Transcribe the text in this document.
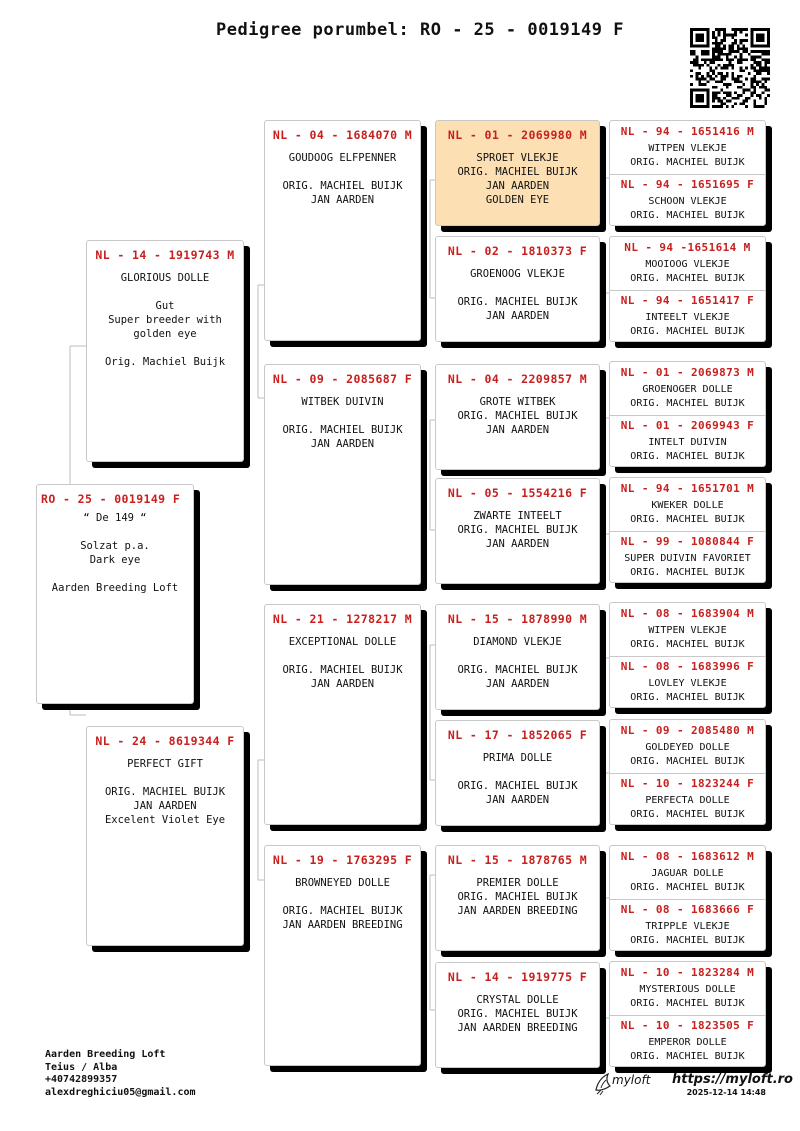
Pedigree porumbel: RO - 25 - 0019149 F
RO - 25 - 0019149 F
“ De 149 “
Solzat p.a.
Dark eye
Aarden Breeding Loft
NL - 14 - 1919743 M
GLORIOUS DOLLE
Gut
Super breeder with
golden eye
Orig. Machiel Buijk
NL - 24 - 8619344 F
PERFECT GIFT
ORIG. MACHIEL BUIJK
JAN AARDEN
Excelent Violet Eye
NL - 04 - 1684070 M
GOUDOOG ELFPENNER
ORIG. MACHIEL BUIJK
JAN AARDEN
NL - 09 - 2085687 F
WITBEK DUIVIN
ORIG. MACHIEL BUIJK
JAN AARDEN
NL - 21 - 1278217 M
EXCEPTIONAL DOLLE
ORIG. MACHIEL BUIJK
JAN AARDEN
NL - 19 - 1763295 F
BROWNEYED DOLLE
ORIG. MACHIEL BUIJK
JAN AARDEN BREEDING
NL - 01 - 2069980 M
SPROET VLEKJE
ORIG. MACHIEL BUIJK
JAN AARDEN
GOLDEN EYE
NL - 02 - 1810373 F
GROENOOG VLEKJE
ORIG. MACHIEL BUIJK
JAN AARDEN
NL - 04 - 2209857 M
GROTE WITBEK
ORIG. MACHIEL BUIJK
JAN AARDEN
NL - 05 - 1554216 F
ZWARTE INTEELT
ORIG. MACHIEL BUIJK
JAN AARDEN
NL - 15 - 1878990 M
DIAMOND VLEKJE
ORIG. MACHIEL BUIJK
JAN AARDEN
NL - 17 - 1852065 F
PRIMA DOLLE
ORIG. MACHIEL BUIJK
JAN AARDEN
NL - 15 - 1878765 M
PREMIER DOLLE
ORIG. MACHIEL BUIJK
JAN AARDEN BREEDING
NL - 14 - 1919775 F
CRYSTAL DOLLE
ORIG. MACHIEL BUIJK
JAN AARDEN BREEDING
NL - 94 - 1651416 M
WITPEN VLEKJE
ORIG. MACHIEL BUIJK
NL - 94 - 1651695 F
SCHOON VLEKJE
ORIG. MACHIEL BUIJK
NL - 94 -1651614 M
MOOIOOG VLEKJE
ORIG. MACHIEL BUIJK
NL - 94 - 1651417 F
INTEELT VLEKJE
ORIG. MACHIEL BUIJK
NL - 01 - 2069873 M
GROENOGER DOLLE
ORIG. MACHIEL BUIJK
NL - 01 - 2069943 F
INTELT DUIVIN
ORIG. MACHIEL BUIJK
NL - 94 - 1651701 M
KWEKER DOLLE
ORIG. MACHIEL BUIJK
NL - 99 - 1080844 F
SUPER DUIVIN FAVORIET
ORIG. MACHIEL BUIJK
NL - 08 - 1683904 M
WITPEN VLEKJE
ORIG. MACHIEL BUIJK
NL - 08 - 1683996 F
LOVLEY VLEKJE
ORIG. MACHIEL BUIJK
NL - 09 - 2085480 M
GOLDEYED DOLLE
ORIG. MACHIEL BUIJK
NL - 10 - 1823244 F
PERFECTA DOLLE
ORIG. MACHIEL BUIJK
NL - 08 - 1683612 M
JAGUAR DOLLE
ORIG. MACHIEL BUIJK
NL - 08 - 1683666 F
TRIPPLE VLEKJE
ORIG. MACHIEL BUIJK
NL - 10 - 1823284 M
MYSTERIOUS DOLLE
ORIG. MACHIEL BUIJK
NL - 10 - 1823505 F
EMPEROR DOLLE
ORIG. MACHIEL BUIJK
Aarden Breeding Loft
Teius / Alba
+40742899357
alexdreghiciu05@gmail.com
myloft https://myloft.ro
2025-12-14 14:48
